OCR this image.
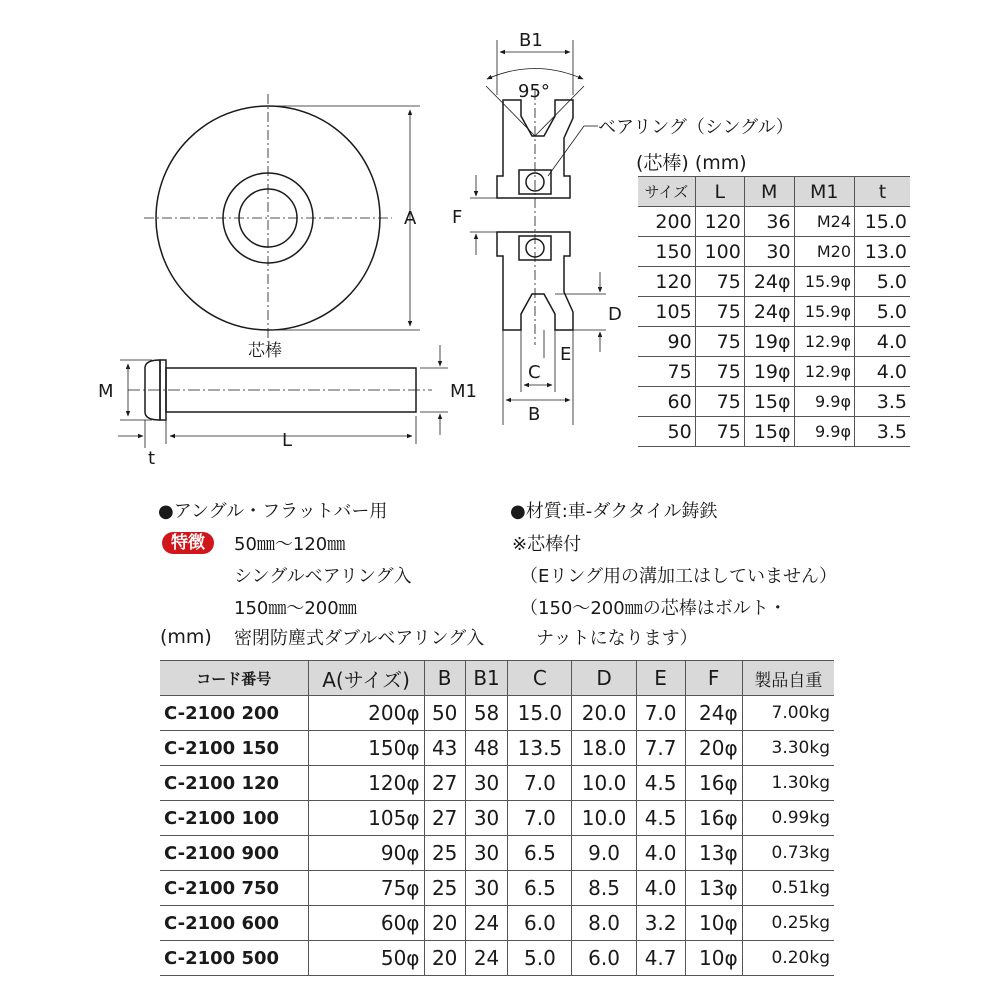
A
芯棒
M	M1
L
t
B1
95°
ベアリング（シングル）
F
D
E
C
B
(芯棒) (mm)
サイズ	L	M	M1	t
200	120	36	M24	15.0
150	100	30	M20	13.0
120	75	24φ	15.9φ	5.0
105	75	24φ	15.9φ	5.0
90	75	19φ	12.9φ	4.0
75	75	19φ	12.9φ	4.0
60	75	15φ	9.9φ	3.5
50	75	15φ	9.9φ	3.5
●アングル・フラットバー用
特徴	50㎜～120㎜
シングルベアリング入
150㎜～200㎜
密閉防塵式ダブルベアリング入
●材質:車-ダクタイル鋳鉄
※芯棒付
（Eリング用の溝加工はしていません）
（150～200㎜の芯棒はボルト・
ナットになります）
(mm)
コード番号	A(サイズ)	B	B1	C	D	E	F	製品自重
C-2100 200	200φ	50	58	15.0	20.0	7.0	24φ	7.00kg
C-2100 150	150φ	43	48	13.5	18.0	7.7	20φ	3.30kg
C-2100 120	120φ	27	30	7.0	10.0	4.5	16φ	1.30kg
C-2100 100	105φ	27	30	7.0	10.0	4.5	16φ	0.99kg
C-2100 900	90φ	25	30	6.5	9.0	4.0	13φ	0.73kg
C-2100 750	75φ	25	30	6.5	8.5	4.0	13φ	0.51kg
C-2100 600	60φ	20	24	6.0	8.0	3.2	10φ	0.25kg
C-2100 500	50φ	20	24	5.0	6.0	4.7	10φ	0.20kg
